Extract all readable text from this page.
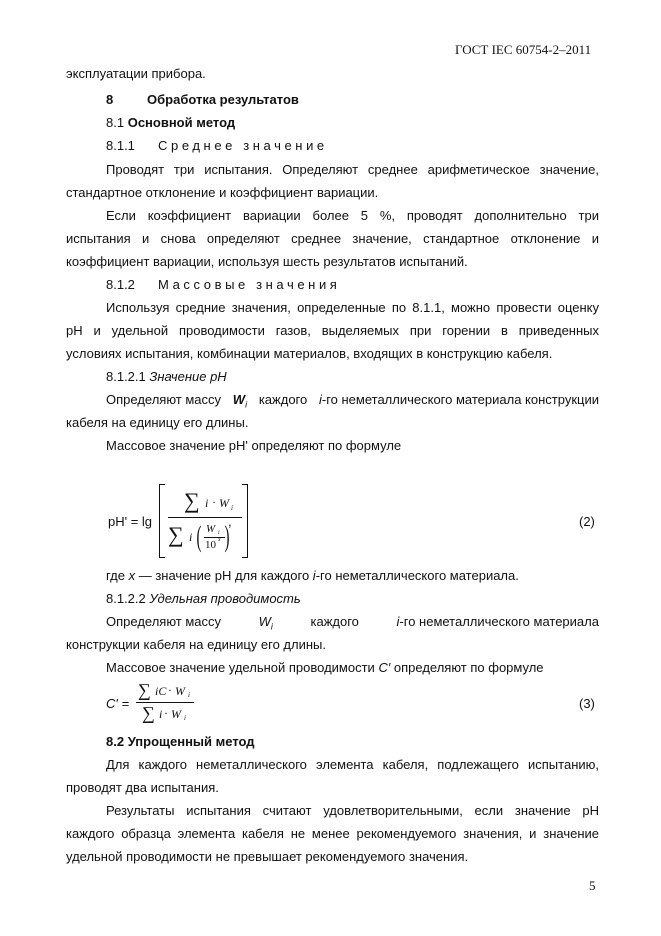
ГОСТ IEC 60754-2–2011
эксплуатации прибора.
8	Обработка результатов
8.1 Основной метод
8.1.1 Среднее значение
Проводят три испытания. Определяют среднее арифметическое значение,
стандартное отклонение и коэффициент вариации.
Если коэффициент вариации более 5 %, проводят дополнительно три
испытания и снова определяют среднее значение, стандартное отклонение и
коэффициент вариации, используя шесть результатов испытаний.
8.1.2 Массовые значения
Используя средние значения, определенные по 8.1.1, можно провести оценку
pH и удельной проводимости газов, выделяемых при горении в приведенных
условиях испытания, комбинации материалов, входящих в конструкцию кабеля.
8.1.2.1 Значение pH
Определяют массу $W_i$ каждого i-го неметаллического материала конструкции
кабеля на единицу его длины.
Массовое значение pH' определяют по формуле
pH' = lg
∑ i · W i
∑ i ( W i
10 x )
,	(2)
где x — значение pH для каждого i-го неметаллического материала.
8.1.2.2 Удельная проводимость
Определяют массу	$W_i$	каждого	i-го неметаллического материала
конструкции кабеля на единицу его длины.
Массовое значение удельной проводимости C′ определяют по формуле
C′ =
∑ iC · W i
∑ i · W i
(3)
8.2 Упрощенный метод
Для каждого неметаллического элемента кабеля, подлежащего испытанию,
проводят два испытания.
Результаты испытания считают удовлетворительными, если значение pH
каждого образца элемента кабеля не менее рекомендуемого значения, и значение
удельной проводимости не превышает рекомендуемого значения.
5
